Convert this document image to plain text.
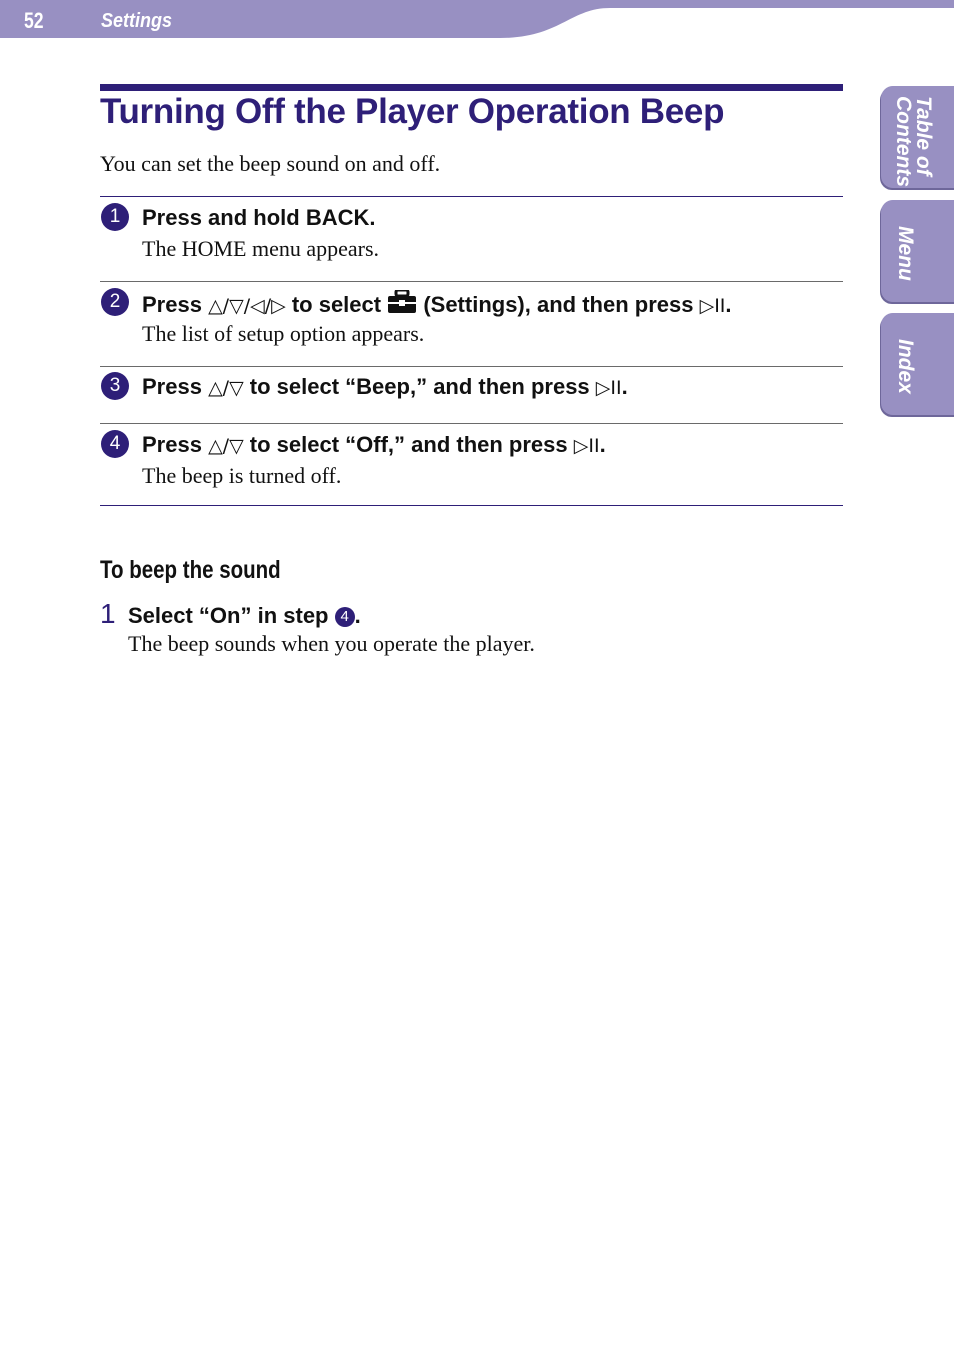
52	Settings
Table of
Contents
Menu
Index
Turning Off the Player Operation Beep
You can set the beep sound on and off.
1 Press and hold BACK.
The HOME menu appears.
2 Press △/▽/◁/▷ to select  (Settings), and then press ▷II.
The list of setup option appears.
3 Press △/▽ to select “Beep,” and then press ▷II.
4 Press △/▽ to select “Off,” and then press ▷II.
The beep is turned off.
To beep the sound
1 Select “On” in step 4 .
The beep sounds when you operate the player.
